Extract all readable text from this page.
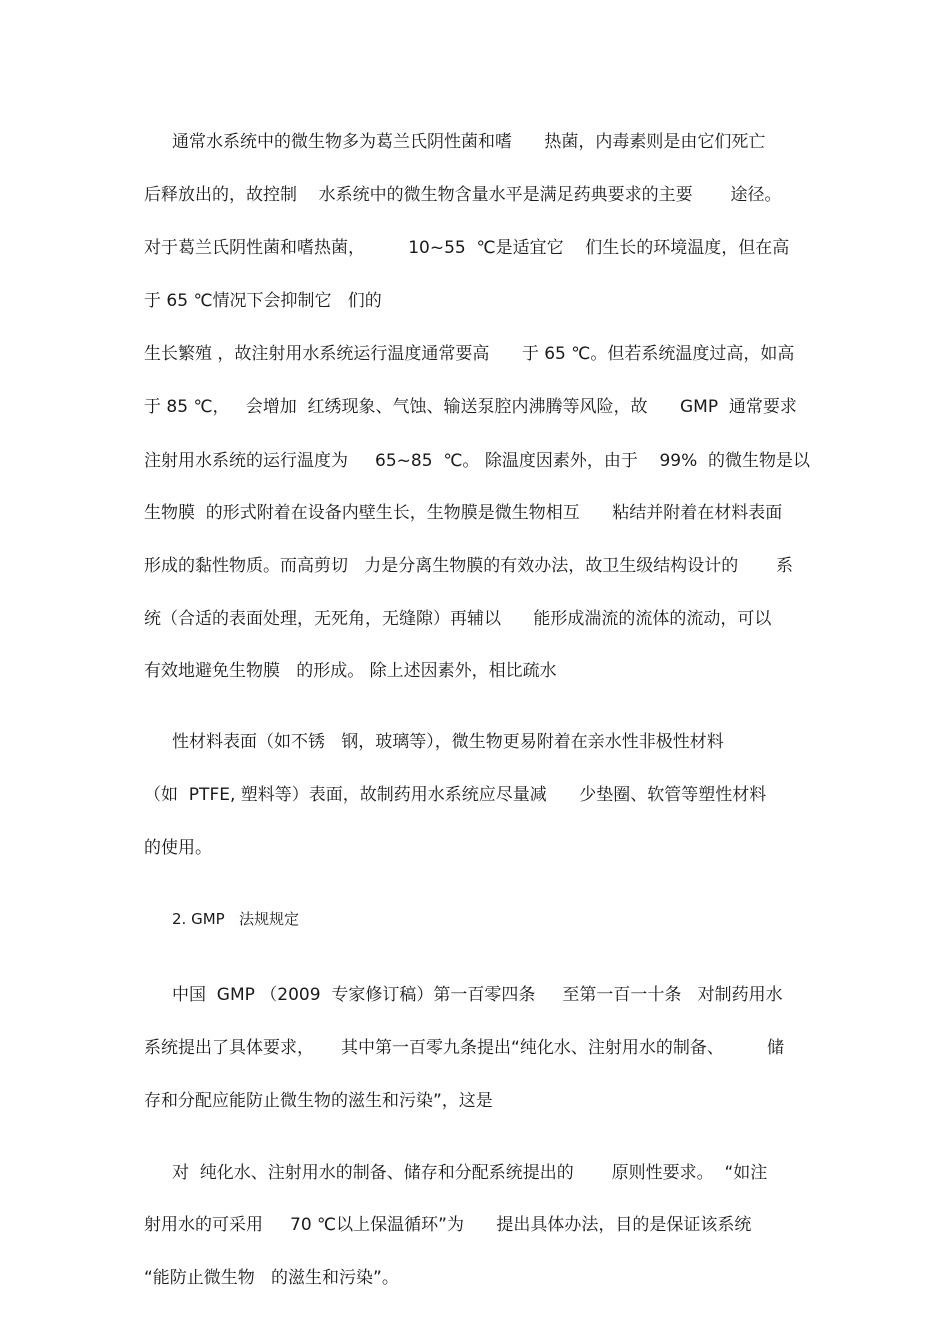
通常水系统中的微生物多为葛兰氏阴性菌和嗜      热菌，内毒素则是由它们死亡
后释放出的，故控制    水系统中的微生物含量水平是满足药典要求的主要       途径。
对于葛兰氏阴性菌和嗜热菌，        10~55  ℃是适宜它    们生长的环境温度，但在高
于 65 ℃情况下会抑制它   们的
生长繁殖 ，故注射用水系统运行温度通常要高      于 65 ℃。但若系统温度过高，如高
于 85 ℃，   会增加  红绣现象、气蚀、输送泵腔内沸腾等风险，故      GMP  通常要求
注射用水系统的运行温度为     65~85  ℃。 除温度因素外，由于    99%  的微生物是以
生物膜  的形式附着在设备内壁生长，生物膜是微生物相互      粘结并附着在材料表面
形成的黏性物质。而高剪切   力是分离生物膜的有效办法，故卫生级结构设计的       系
统（合适的表面处理，无死角，无缝隙）再辅以      能形成湍流的流体的流动，可以
有效地避免生物膜   的形成。 除上述因素外，相比疏水
性材料表面（如不锈   钢，玻璃等），微生物更易附着在亲水性非极性材料
（如  PTFE, 塑料等）表面，故制药用水系统应尽量减      少垫圈、软管等塑性材料
的使用。
2. GMP   法规规定
中国  GMP （2009  专家修订稿）第一百零四条     至第一百一十条   对制药用水
系统提出了具体要求，     其中第一百零九条提出“纯化水、注射用水的制备、        储
存和分配应能防止微生物的滋生和污染”，这是
对  纯化水、注射用水的制备、储存和分配系统提出的       原则性要求。  “如注
射用水的可采用     70 ℃以上保温循环”为      提出具体办法，目的是保证该系统
“能防止微生物   的滋生和污染”。
